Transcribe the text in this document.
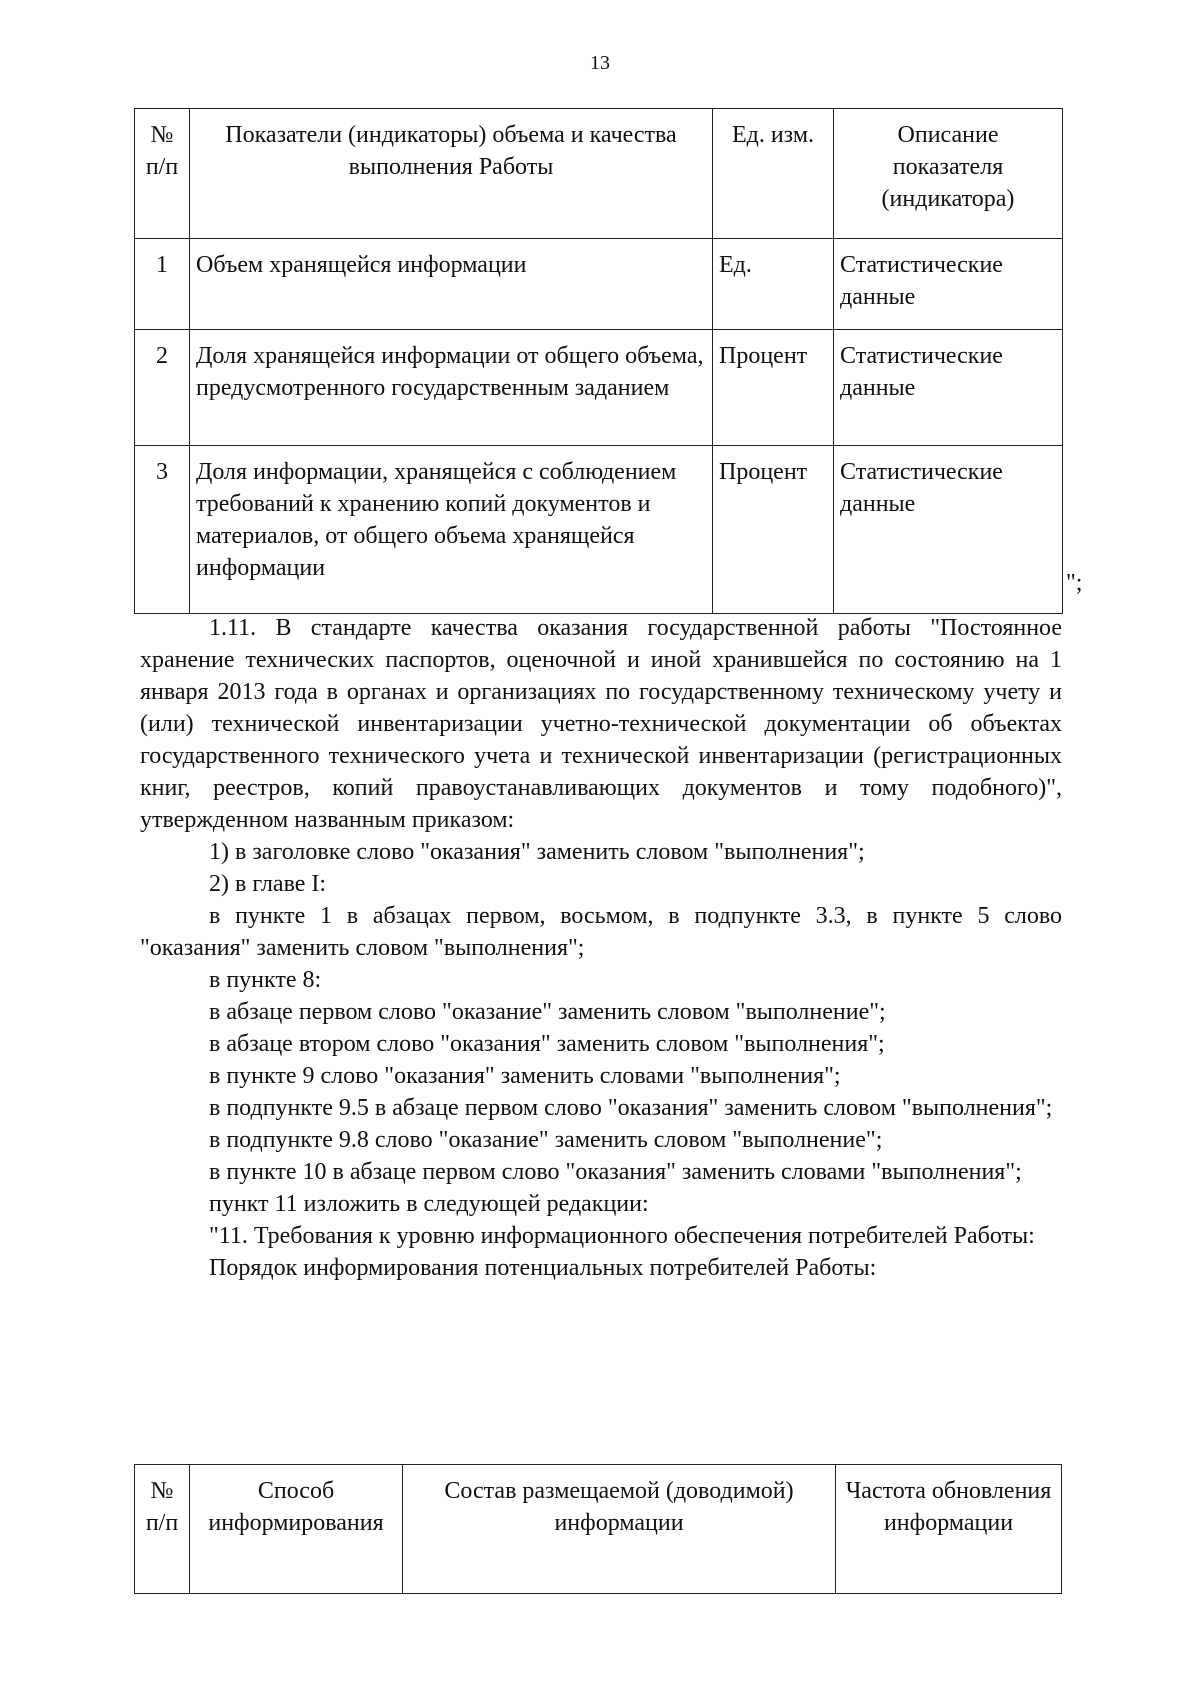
13
№ п/п	Показатели (индикаторы) объема и качества выполнения Работы	Ед. изм.	Описание показателя (индикатора)
1	Объем хранящейся информации	Ед.	Статистические данные
2	Доля хранящейся информации от общего объема, предусмотренного государственным заданием	Процент	Статистические данные
3	Доля информации, хранящейся с соблюдением требований к хранению копий документов и материалов, от общего объема хранящейся информации	Процент	Статистические данные
";

1.11. В стандарте качества оказания государственной работы "Постоянное хранение технических паспортов, оценочной и иной хранившейся по состоянию на 1 января 2013 года в органах и организациях по государственному техническому учету и (или) технической инвентаризации учетно-технической документации об объектах государственного технического учета и технической инвентаризации (регистрационных книг, реестров, копий правоустанавливающих документов и тому подобного)", утвержденном названным приказом:

1) в заголовке слово "оказания" заменить словом "выполнения";

2) в главе I:

в пункте 1 в абзацах первом, восьмом, в подпункте 3.3, в пункте 5 слово "оказания" заменить словом "выполнения";

в пункте 8:

в абзаце первом слово "оказание" заменить словом "выполнение";

в абзаце втором слово "оказания" заменить словом "выполнения";

в пункте 9 слово "оказания" заменить словами "выполнения";

в подпункте 9.5 в абзаце первом слово "оказания" заменить словом "выполнения";

в подпункте 9.8 слово "оказание" заменить словом "выполнение";

в пункте 10 в абзаце первом слово "оказания" заменить словами "выполнения";

пункт 11 изложить в следующей редакции:

"11. Требования к уровню информационного обеспечения потребителей Работы:

Порядок информирования потенциальных потребителей Работы:

№ п/п	Способ информирования	Состав размещаемой (доводимой) информации	Частота обновления информации
